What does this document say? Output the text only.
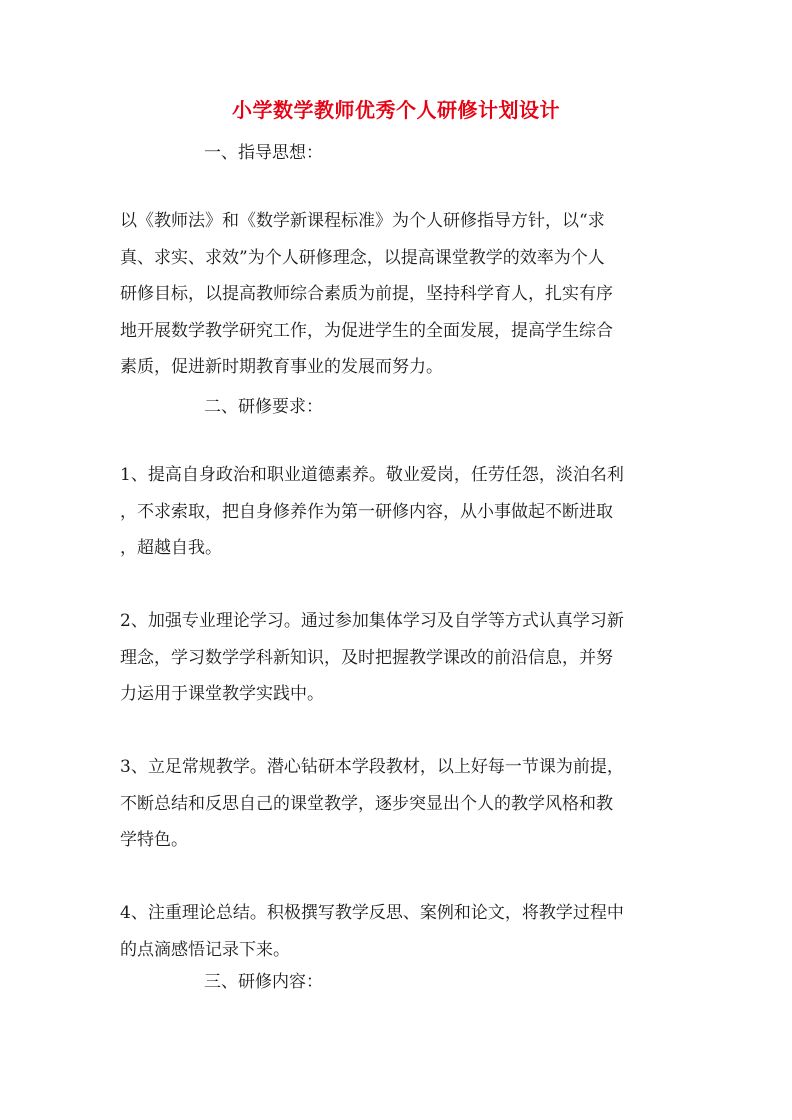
小学数学教师优秀个人研修计划设计

一、指导思想：

以《教师法》和《数学新课程标准》为个人研修指导方针，以“求
真、求实、求效”为个人研修理念，以提高课堂教学的效率为个人
研修目标，以提高教师综合素质为前提，坚持科学育人，扎实有序
地开展数学教学研究工作，为促进学生的全面发展，提高学生综合
素质，促进新时期教育事业的发展而努力。

二、研修要求：

1、提高自身政治和职业道德素养。敬业爱岗，任劳任怨，淡泊名利
，不求索取，把自身修养作为第一研修内容，从小事做起不断进取
，超越自我。
2、加强专业理论学习。通过参加集体学习及自学等方式认真学习新
理念，学习数学学科新知识，及时把握教学课改的前沿信息，并努
力运用于课堂教学实践中。
3、立足常规教学。潜心钻研本学段教材，以上好每一节课为前提，
不断总结和反思自己的课堂教学，逐步突显出个人的教学风格和教
学特色。
4、注重理论总结。积极撰写教学反思、案例和论文，将教学过程中
的点滴感悟记录下来。

三、研修内容：
